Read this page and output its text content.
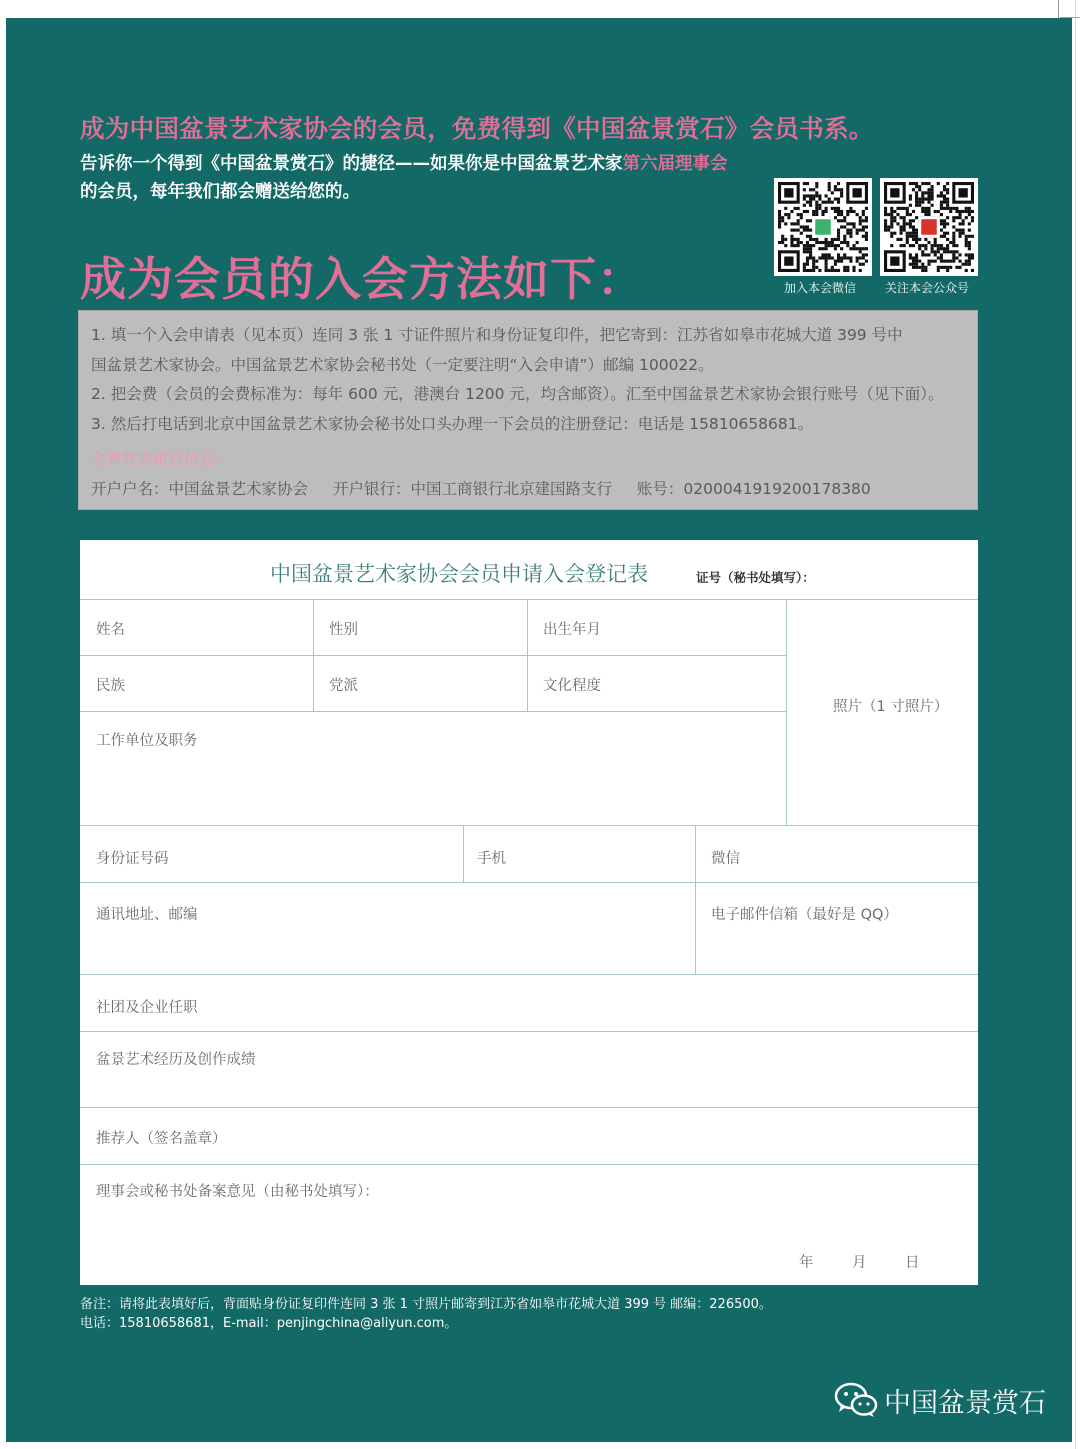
成为中国盆景艺术家协会的会员，免费得到《中国盆景赏石》会员书系。
告诉你一个得到《中国盆景赏石》的捷径——如果你是中国盆景艺术家第六届理事会
的会员，每年我们都会赠送给您的。
成为会员的入会方法如下：	加入本会微信 关注本会公众号
1. 填一个入会申请表（见本页）连同 3 张 1 寸证件照片和身份证复印件，把它寄到：江苏省如皋市花城大道 399 号中
国盆景艺术家协会。中国盆景艺术家协会秘书处（一定要注明“入会申请”）邮编 100022。
2. 把会费（会员的会费标准为：每年 600 元，港澳台 1200 元，均含邮资）。汇至中国盆景艺术家协会银行账号（见下面）。
3. 然后打电话到北京中国盆景艺术家协会秘书处口头办理一下会员的注册登记：电话是 15810658681。
会费收款银行信息：
开户户名：中国盆景艺术家协会 开户银行：中国工商银行北京建国路支行 账号：0200041919200178380
中国盆景艺术家协会会员申请入会登记表	证号（秘书处填写）：
姓名	性别	出生年月
民族	党派	文化程度
照片（1 寸照片）
工作单位及职务
身份证号码	手机	微信
通讯地址、邮编	电子邮件信箱（最好是 QQ）
社团及企业任职
盆景艺术经历及创作成绩
推荐人（签名盖章）
理事会或秘书处备案意见（由秘书处填写）：
年	月	日
备注：请将此表填好后，背面贴身份证复印件连同 3 张 1 寸照片邮寄到江苏省如皋市花城大道 399 号 邮编：226500。
电话：15810658681，E-mail：penjingchina@aliyun.com。
中国盆景赏石
